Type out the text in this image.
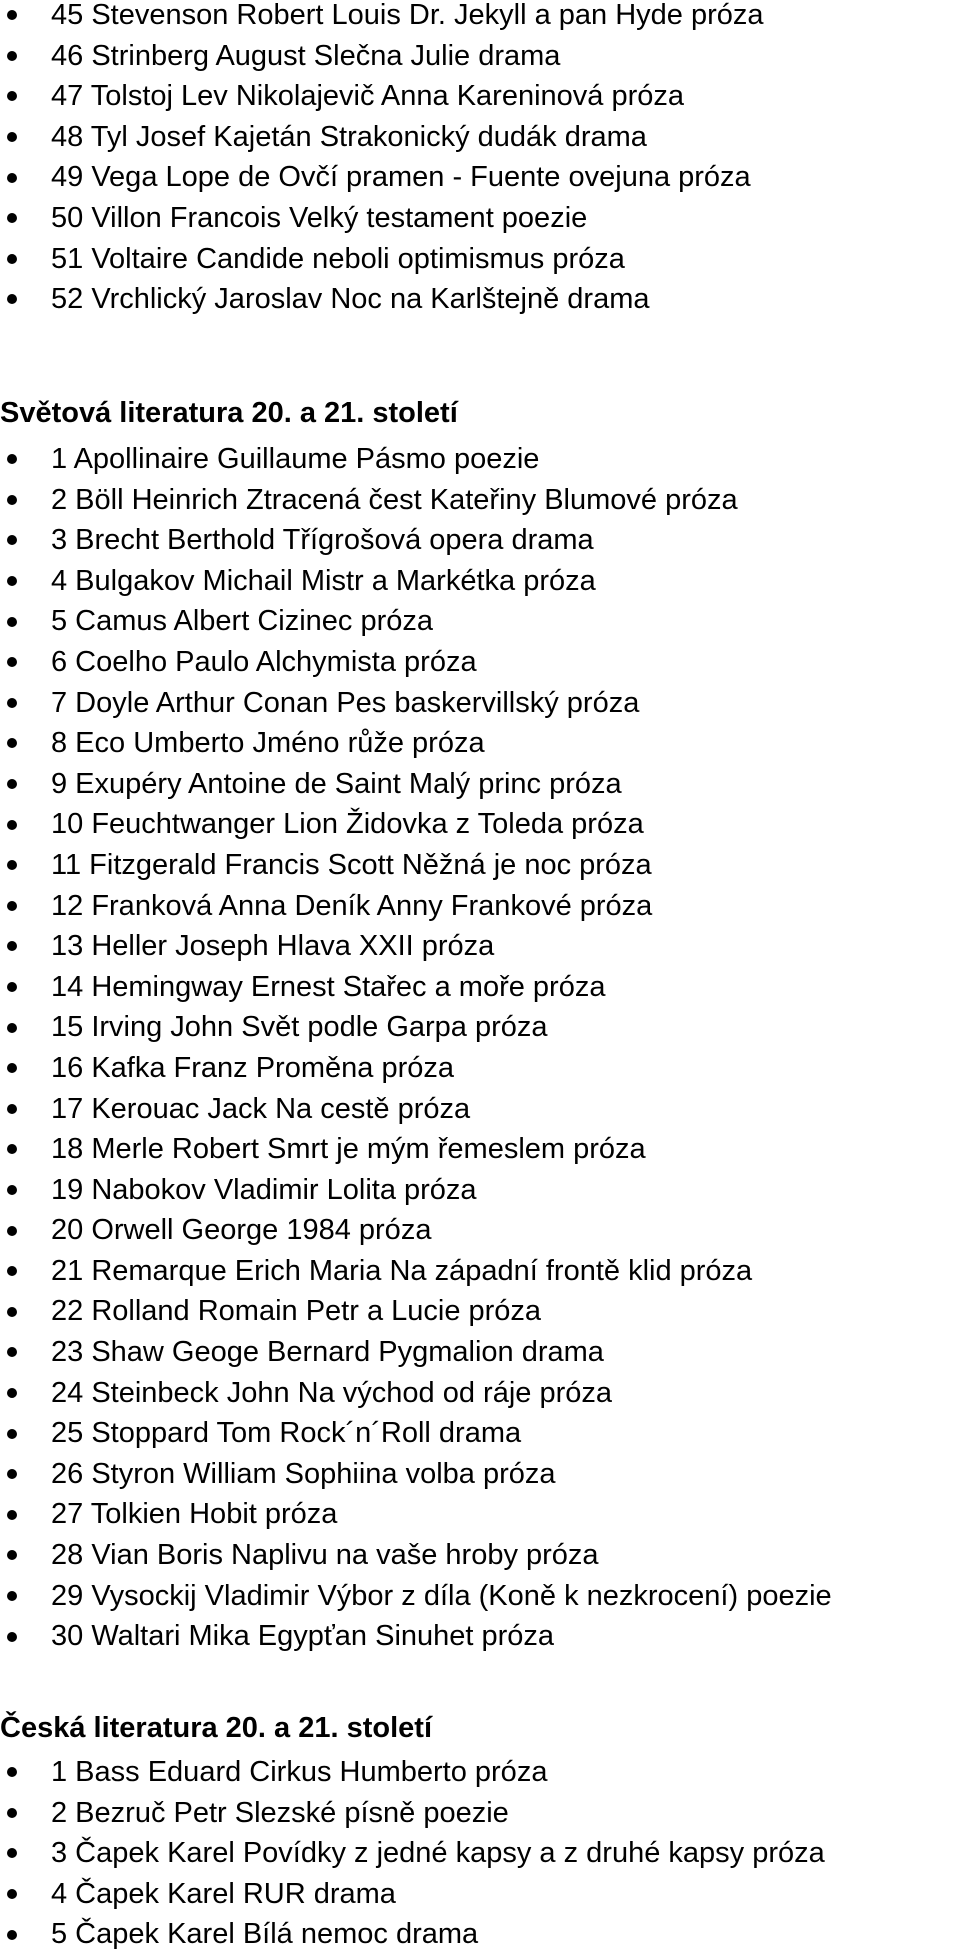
45 Stevenson Robert Louis Dr. Jekyll a pan Hyde próza
46 Strinberg August Slečna Julie drama
47 Tolstoj Lev Nikolajevič Anna Kareninová próza
48 Tyl Josef Kajetán Strakonický dudák drama
49 Vega Lope de Ovčí pramen - Fuente ovejuna próza
50 Villon Francois Velký testament poezie
51 Voltaire Candide neboli optimismus próza
52 Vrchlický Jaroslav Noc na Karlštejně drama
Světová literatura 20. a 21. století
1 Apollinaire Guillaume Pásmo poezie
2 Böll Heinrich Ztracená čest Kateřiny Blumové próza
3 Brecht Berthold Třígrošová opera drama
4 Bulgakov Michail Mistr a Markétka próza
5 Camus Albert Cizinec próza
6 Coelho Paulo Alchymista próza
7 Doyle Arthur Conan Pes baskervillský próza
8 Eco Umberto Jméno růže próza
9 Exupéry Antoine de Saint Malý princ próza
10 Feuchtwanger Lion Židovka z Toleda próza
11 Fitzgerald Francis Scott Něžná je noc próza
12 Franková Anna Deník Anny Frankové próza
13 Heller Joseph Hlava XXII próza
14 Hemingway Ernest Stařec a moře próza
15 Irving John Svět podle Garpa próza
16 Kafka Franz Proměna próza
17 Kerouac Jack Na cestě próza
18 Merle Robert Smrt je mým řemeslem próza
19 Nabokov Vladimir Lolita próza
20 Orwell George 1984 próza
21 Remarque Erich Maria Na západní frontě klid próza
22 Rolland Romain Petr a Lucie próza
23 Shaw Geoge Bernard Pygmalion drama
24 Steinbeck John Na východ od ráje próza
25 Stoppard Tom Rock´n´Roll drama
26 Styron William Sophiina volba próza
27 Tolkien Hobit próza
28 Vian Boris Naplivu na vaše hroby próza
29 Vysockij Vladimir Výbor z díla (Koně k nezkrocení) poezie
30 Waltari Mika Egypťan Sinuhet próza
Česká literatura 20. a 21. století
1 Bass Eduard Cirkus Humberto próza
2 Bezruč Petr Slezské písně poezie
3 Čapek Karel Povídky z jedné kapsy a z druhé kapsy próza
4 Čapek Karel RUR drama
5 Čapek Karel Bílá nemoc drama
